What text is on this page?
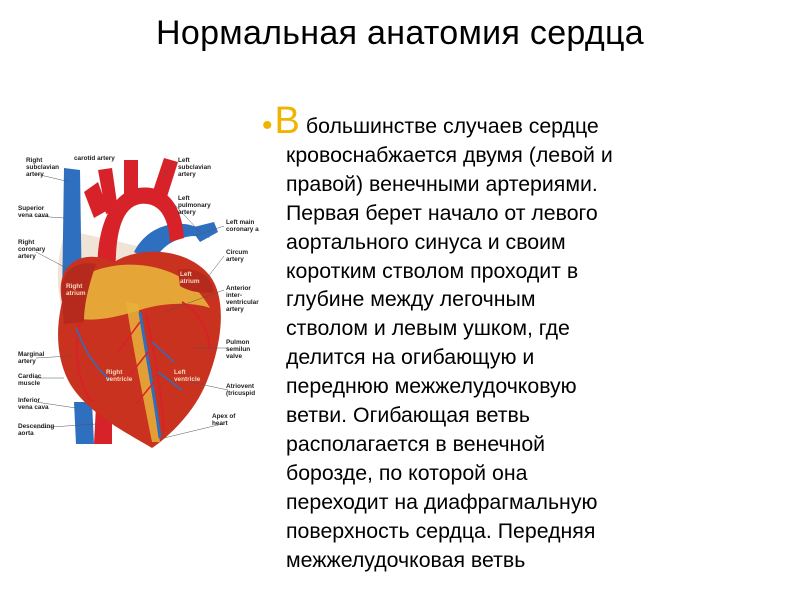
Нормальная анатомия сердца
Right subclavian artery
Superior vena cava
Right coronary artery
Marginal artery
Cardiac muscle
Inferior vena cava
Descending aorta
carotid artery	Left subclavian artery
Left pulmonary artery
Left main coronary a
Circum artery
Anterior inter-ventricular artery
Pulmon semilun valve
Atriovent (tricuspid
Apex of heart
Right atrium
Left atrium
Right ventricle
Left ventricle
•В большинстве случаев сердце
кровоснабжается двумя (левой и
правой) венечными артериями.
Первая берет начало от левого
аортального синуса и своим
коротким стволом проходит в
глубине между легочным
стволом и левым ушком, где
делится на огибающую и
переднюю межжелудочковую
ветви. Огибающая ветвь
располагается в венечной
борозде, по которой она
переходит на диафрагмальную
поверхность сердца. Передняя
межжелудочковая ветвь
